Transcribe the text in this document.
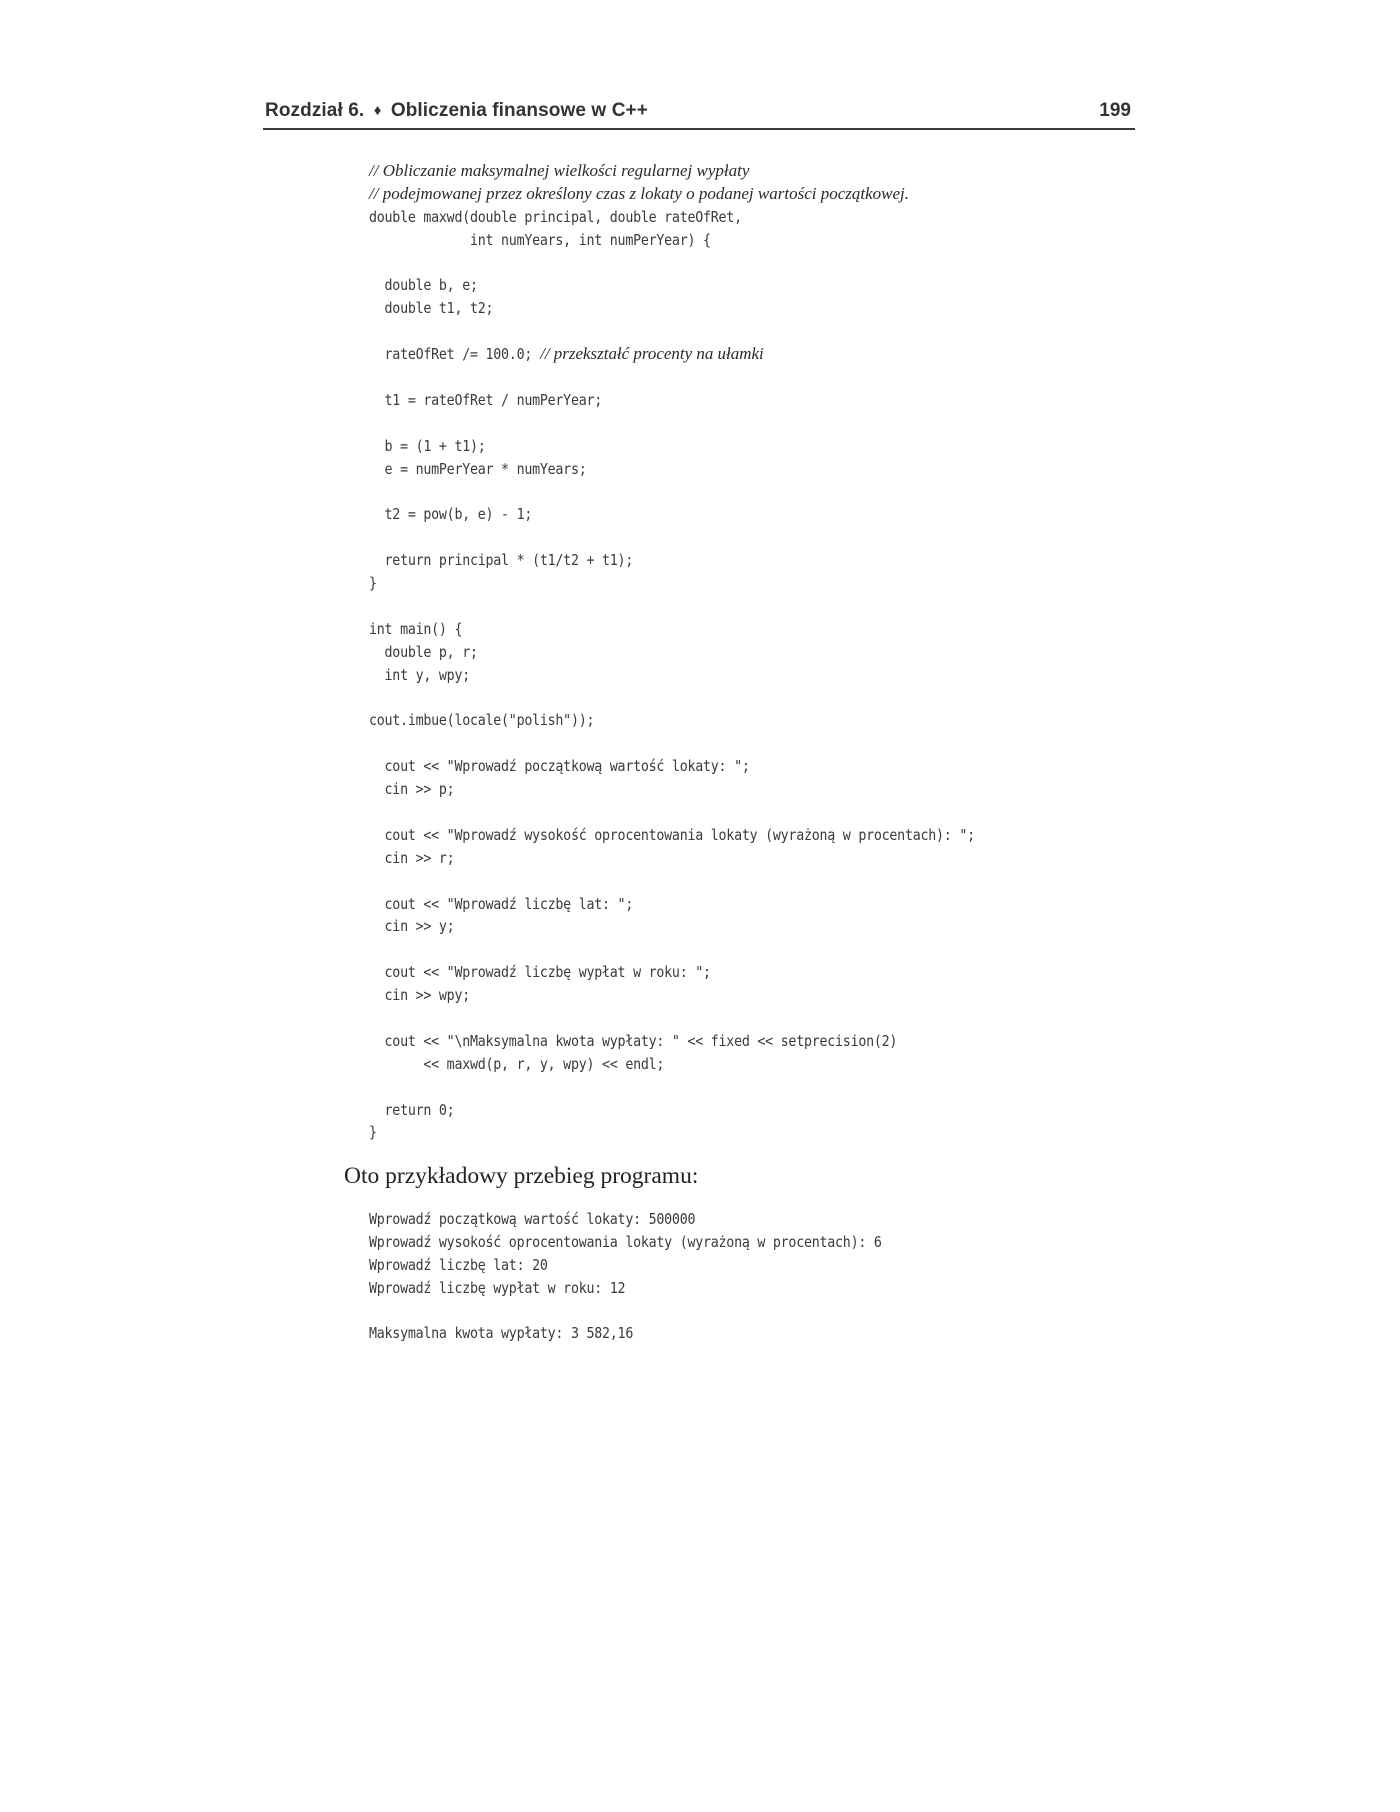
Rozdział 6. ♦ Obliczenia finansowe w C++	199
// Obliczanie maksymalnej wielkości regularnej wypłaty
// podejmowanej przez określony czas z lokaty o podanej wartości początkowej.
double maxwd(double principal, double rateOfRet,
int numYears, int numPerYear) {
double b, e;
double t1, t2;
rateOfRet /= 100.0; // przekształć procenty na ułamki
t1 = rateOfRet / numPerYear;
b = (1 + t1);
e = numPerYear * numYears;
t2 = pow(b, e) - 1;
return principal * (t1/t2 + t1);
}
int main() {
double p, r;
int y, wpy;
cout.imbue(locale("polish"));
cout << "Wprowadź początkową wartość lokaty: ";
cin >> p;
cout << "Wprowadź wysokość oprocentowania lokaty (wyrażoną w procentach): ";
cin >> r;
cout << "Wprowadź liczbę lat: ";
cin >> y;
cout << "Wprowadź liczbę wypłat w roku: ";
cin >> wpy;
cout << "\nMaksymalna kwota wypłaty: " << fixed << setprecision(2)
<< maxwd(p, r, y, wpy) << endl;
return 0;
}
Oto przykładowy przebieg programu:
Wprowadź początkową wartość lokaty: 500000
Wprowadź wysokość oprocentowania lokaty (wyrażoną w procentach): 6
Wprowadź liczbę lat: 20
Wprowadź liczbę wypłat w roku: 12
Maksymalna kwota wypłaty: 3 582,16
